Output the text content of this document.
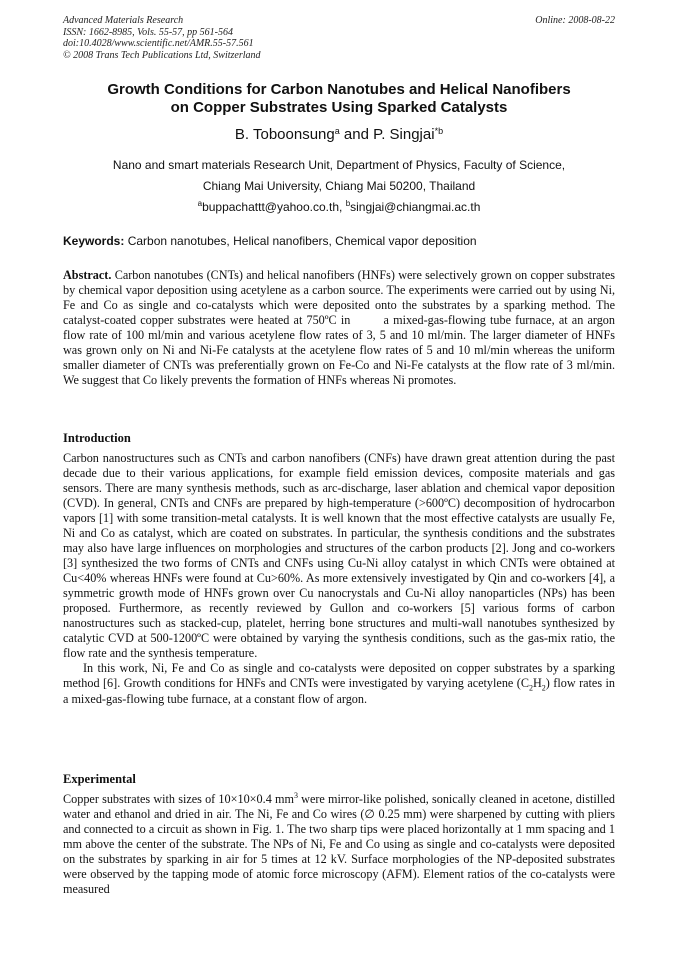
Advanced Materials Research
ISSN: 1662-8985, Vols. 55-57, pp 561-564
doi:10.4028/www.scientific.net/AMR.55-57.561
© 2008 Trans Tech Publications Ltd, Switzerland
Online: 2008-08-22
Growth Conditions for Carbon Nanotubes and Helical Nanofibers
on Copper Substrates Using Sparked Catalysts
B. Toboonsung$^a$ and P. Singjai$^{*b}$
Nano and smart materials Research Unit, Department of Physics, Faculty of Science,
Chiang Mai University, Chiang Mai 50200, Thailand
$^a$buppachattt@yahoo.co.th, $^b$singjai@chiangmai.ac.th
Keywords: Carbon nanotubes, Helical nanofibers, Chemical vapor deposition
Abstract. Carbon nanotubes (CNTs) and helical nanofibers (HNFs) were selectively grown on copper substrates by chemical vapor deposition using acetylene as a carbon source. The experiments were carried out by using Ni, Fe and Co as single and co-catalysts which were deposited onto the substrates by a sparking method. The catalyst-coated copper substrates were heated at 750ºC in        a mixed-gas-flowing tube furnace, at an argon flow rate of 100 ml/min and various acetylene flow rates of 3, 5 and 10 ml/min. The larger diameter of HNFs was grown only on Ni and Ni-Fe catalysts at the acetylene flow rates of 5 and 10 ml/min whereas the uniform smaller diameter of CNTs was preferentially grown on Fe-Co and Ni-Fe catalysts at the flow rate of 3 ml/min. We suggest that Co likely prevents the formation of HNFs whereas Ni promotes.
Introduction
Carbon nanostructures such as CNTs and carbon nanofibers (CNFs) have drawn great attention during the past decade due to their various applications, for example field emission devices, composite materials and gas sensors. There are many synthesis methods, such as arc-discharge, laser ablation and chemical vapor deposition (CVD). In general, CNTs and CNFs are prepared by high-temperature (>600ºC) decomposition of hydrocarbon vapors [1] with some transition-metal catalysts. It is well known that the most effective catalysts are usually Fe, Ni and Co as catalyst, which are coated on substrates. In particular, the synthesis conditions and the substrates may also have large influences on morphologies and structures of the carbon products [2]. Jong and co-workers [3] synthesized the two forms of CNTs and CNFs using Cu-Ni alloy catalyst in which CNTs were obtained at Cu<40% whereas HNFs were found at Cu>60%. As more extensively investigated by Qin and co-workers [4], a symmetric growth mode of HNFs grown over Cu nanocrystals and Cu-Ni alloy nanoparticles (NPs) has been proposed. Furthermore, as recently reviewed by Gullon and co-workers [5] various forms of carbon nanostructures such as stacked-cup, platelet, herring bone structures and multi-wall nanotubes synthesized by catalytic CVD at 500-1200ºC were obtained by varying the synthesis conditions, such as the gas-mix ratio, the flow rate and the synthesis temperature.
In this work, Ni, Fe and Co as single and co-catalysts were deposited on copper substrates by a sparking method [6]. Growth conditions for HNFs and CNTs were investigated by varying acetylene $(C_2H_2)$ flow rates in a mixed-gas-flowing tube furnace, at a constant flow of argon.
Experimental
Copper substrates with sizes of 10×10×0.4 $mm^3$ were mirror-like polished, sonically cleaned in acetone, distilled water and ethanol and dried in air. The Ni, Fe and Co wires (∅ 0.25 mm) were sharpened by cutting with pliers and connected to a circuit as shown in Fig. 1. The two sharp tips were placed horizontally at 1 mm spacing and 1 mm above the center of the substrate. The NPs of Ni, Fe and Co using as single and co-catalysts were deposited on the substrates by sparking in air for 5 times at 12 kV. Surface morphologies of the NP-deposited substrates were observed by the tapping mode of atomic force microscopy (AFM). Element ratios of the co-catalysts were measured
